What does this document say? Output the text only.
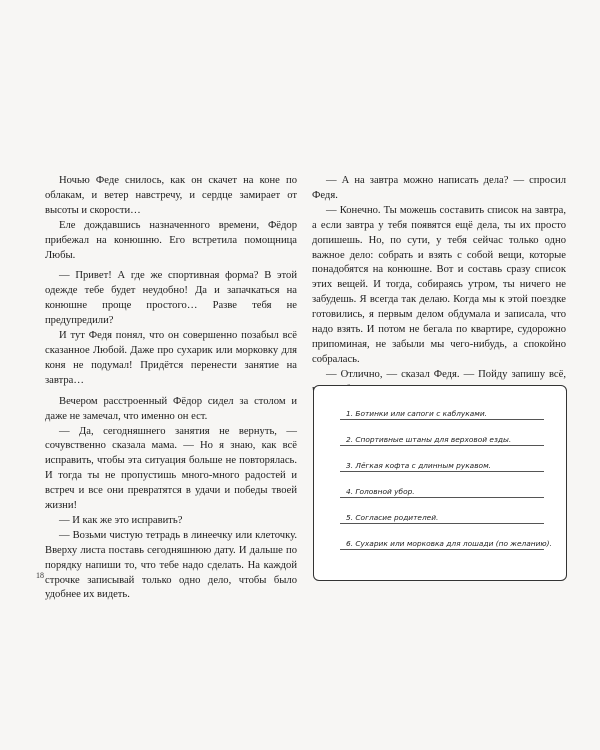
Ночью Феде снилось, как он скачет на коне по облакам, и ветер навстречу, и сердце замирает от высоты и скорости…

Еле дождавшись назначенного времени, Фёдор прибежал на конюшню. Его встретила помощница Любы.

— Привет! А где же спортивная форма? В этой одежде тебе будет неудобно! Да и запачкаться на конюшне проще простого… Разве тебя не предупредили?

И тут Федя понял, что он совершенно позабыл всё сказанное Любой. Даже про сухарик или морковку для коня не подумал! Придётся перенести занятие на завтра…

Вечером расстроенный Фёдор сидел за столом и даже не замечал, что именно он ест.

— Да, сегодняшнего занятия не вернуть, — сочувственно сказала мама. — Но я знаю, как всё исправить, чтобы эта ситуация больше не повторялась. И тогда ты не пропустишь много-много радостей и встреч и все они превратятся в удачи и победы твоей жизни!

— И как же это исправить?

— Возьми чистую тетрадь в линеечку или клеточку. Вверху листа поставь сегодняшнюю дату. И дальше по порядку напиши то, что тебе надо сделать. На каждой строчке записывай только одно дело, чтобы было удобнее их видеть.

18

— А на завтра можно написать дела? — спросил Федя.

— Конечно. Ты можешь составить список на завтра, а если завтра у тебя появятся ещё дела, ты их просто допишешь. Но, по сути, у тебя сейчас только одно важное дело: собрать и взять с собой вещи, которые понадобятся на конюшне. Вот и составь сразу список этих вещей. И тогда, собираясь утром, ты ничего не забудешь. Я всегда так делаю. Когда мы к этой поездке готовились, я первым делом обдумала и записала, что надо взять. И потом не бегала по квартире, судорожно припоминая, не забыли мы чего-нибудь, а спокойно собралась.

— Отлично, — сказал Федя. — Пойду запишу всё,

1. Ботинки или сапоги с каблуками.
2. Спортивные штаны для верховой езды.
3. Лёгкая кофта с длинным рукавом.
4. Головной убор.
5. Согласие родителей.
6. Сухарик или морковка для лошади (по желанию).
